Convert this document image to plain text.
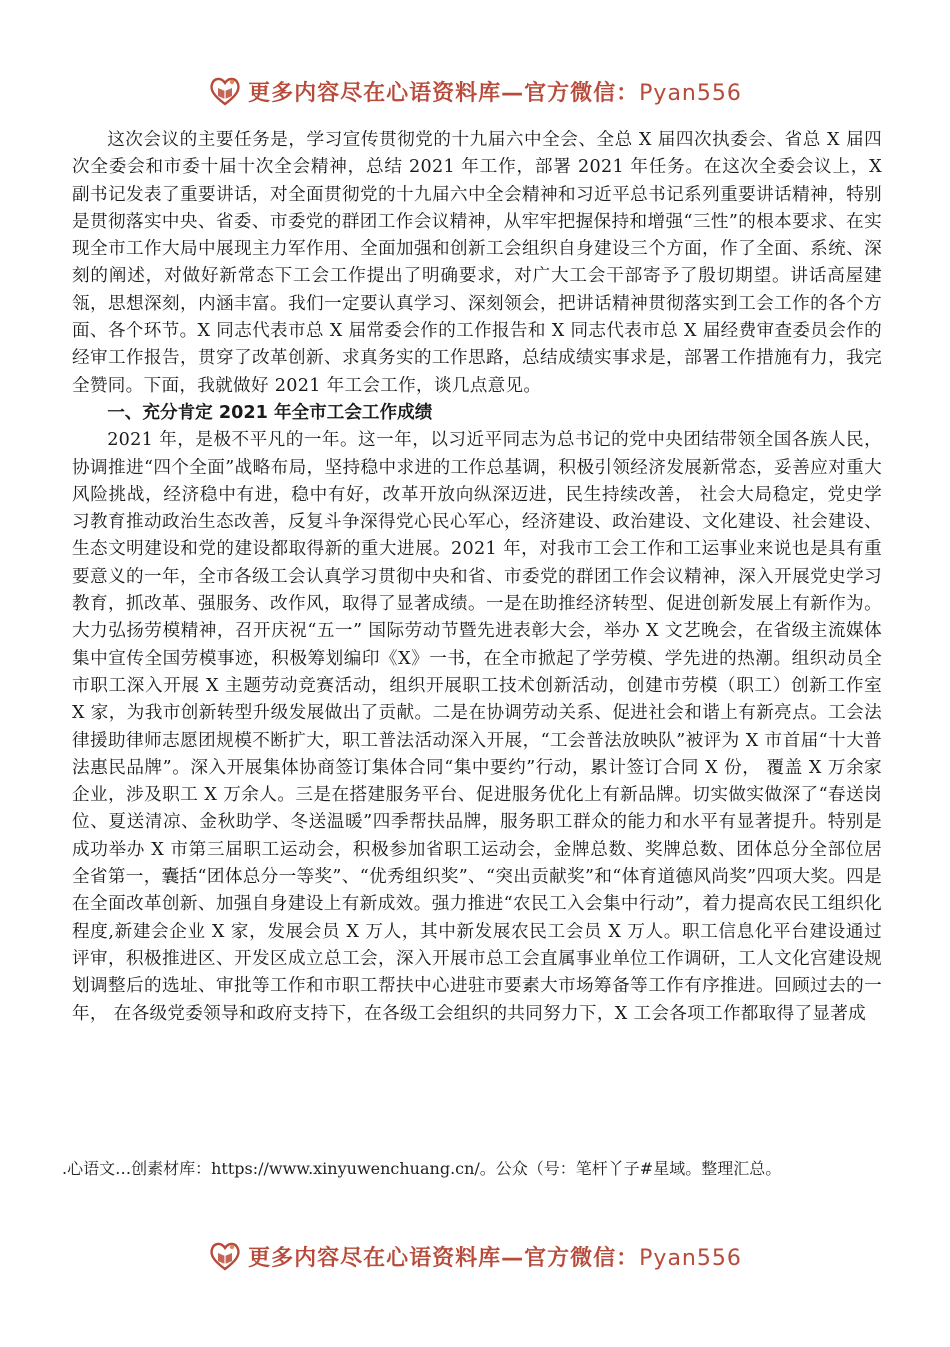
更多内容尽在心语资料库—官方微信：Pyan556

这次会议的主要任务是，学习宣传贯彻党的十九届六中全会、全总 X 届四次执委会、省总 X 届四次全委会和市委十届十次全会精神，总结 2021 年工作，部署 2021 年任务。在这次全委会议上，X 副书记发表了重要讲话，对全面贯彻党的十九届六中全会精神和习近平总书记系列重要讲话精神，特别是贯彻落实中央、省委、市委党的群团工作会议精神，从牢牢把握保持和增强“三性”的根本要求、在实现全市工作大局中展现主力军作用、全面加强和创新工会组织自身建设三个方面，作了全面、系统、深刻的阐述，对做好新常态下工会工作提出了明确要求，对广大工会干部寄予了殷切期望。讲话高屋建瓴，思想深刻，内涵丰富。我们一定要认真学习、深刻领会，把讲话精神贯彻落实到工会工作的各个方面、各个环节。X 同志代表市总 X 届常委会作的工作报告和 X 同志代表市总 X 届经费审查委员会作的经审工作报告，贯穿了改革创新、求真务实的工作思路，总结成绩实事求是，部署工作措施有力，我完全赞同。下面，我就做好 2021 年工会工作，谈几点意见。

一、充分肯定 2021 年全市工会工作成绩

2021 年，是极不平凡的一年。这一年，以习近平同志为总书记的党中央团结带领全国各族人民，协调推进“四个全面”战略布局，坚持稳中求进的工作总基调，积极引领经济发展新常态，妥善应对重大风险挑战，经济稳中有进，稳中有好，改革开放向纵深迈进，民生持续改善， 社会大局稳定，党史学习教育推动政治生态改善，反复斗争深得党心民心军心，经济建设、政治建设、文化建设、社会建设、生态文明建设和党的建设都取得新的重大进展。2021 年，对我市工会工作和工运事业来说也是具有重要意义的一年，全市各级工会认真学习贯彻中央和省、市委党的群团工作会议精神，深入开展党史学习教育，抓改革、强服务、改作风，取得了显著成绩。一是在助推经济转型、促进创新发展上有新作为。大力弘扬劳模精神，召开庆祝“五一” 国际劳动节暨先进表彰大会，举办 X 文艺晚会，在省级主流媒体集中宣传全国劳模事迹，积极筹划编印《X》一书，在全市掀起了学劳模、学先进的热潮。组织动员全市职工深入开展 X 主题劳动竞赛活动，组织开展职工技术创新活动，创建市劳模（职工）创新工作室 X 家，为我市创新转型升级发展做出了贡献。二是在协调劳动关系、促进社会和谐上有新亮点。工会法律援助律师志愿团规模不断扩大，职工普法活动深入开展，“工会普法放映队”被评为 X 市首届“十大普法惠民品牌”。深入开展集体协商签订集体合同“集中要约”行动，累计签订合同 X 份， 覆盖 X 万余家企业，涉及职工 X 万余人。三是在搭建服务平台、促进服务优化上有新品牌。切实做实做深了“春送岗位、夏送清凉、金秋助学、冬送温暖”四季帮扶品牌，服务职工群众的能力和水平有显著提升。特别是成功举办 X 市第三届职工运动会，积极参加省职工运动会，金牌总数、奖牌总数、团体总分全部位居全省第一，囊括“团体总分一等奖”、“优秀组织奖”、“突出贡献奖”和“体育道德风尚奖”四项大奖。四是在全面改革创新、加强自身建设上有新成效。强力推进“农民工入会集中行动”，着力提高农民工组织化程度,新建会企业 X 家，发展会员 X 万人，其中新发展农民工会员 X 万人。职工信息化平台建设通过评审，积极推进区、开发区成立总工会，深入开展市总工会直属事业单位工作调研，工人文化宫建设规划调整后的选址、审批等工作和市职工帮扶中心进驻市要素大市场筹备等工作有序推进。回顾过去的一年， 在各级党委领导和政府支持下，在各级工会组织的共同努力下，X 工会各项工作都取得了显著成

.心语文…创素材库：https://www.xinyuwenchuang.cn/。公众（号：笔杆丫子#星域。整理汇总。
更多内容尽在心语资料库—官方微信：Pyan556
